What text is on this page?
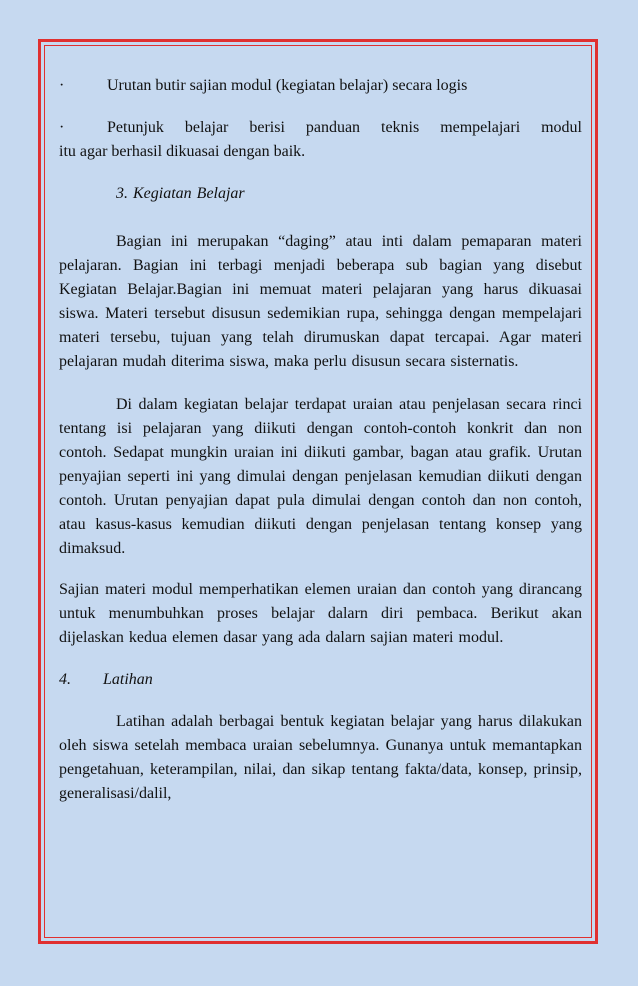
·	Urutan butir sajian modul (kegiatan belajar) secara logis
·	Petunjuk belajar berisi panduan teknis mempelajari modul
itu agar berhasil dikuasai dengan baik.

3. Kegiatan Belajar

Bagian ini merupakan “daging” atau inti dalam pemaparan materi pelajaran. Bagian ini terbagi menjadi beberapa sub bagian yang disebut Kegiatan Belajar.Bagian ini memuat materi pelajaran yang harus dikuasai siswa. Materi tersebut disusun sedemikian rupa, sehingga dengan mempelajari materi tersebu, tujuan yang telah dirumuskan dapat tercapai. Agar materi pelajaran mudah diterima siswa, maka perlu disusun secara sisternatis.

Di dalam kegiatan belajar terdapat uraian atau penjelasan secara rinci tentang isi pelajaran yang diikuti dengan contoh-contoh konkrit dan non contoh. Sedapat mungkin uraian ini diikuti gambar, bagan atau grafik. Urutan penyajian seperti ini yang dimulai dengan penjelasan kemudian diikuti dengan contoh. Urutan penyajian dapat pula dimulai dengan contoh dan non contoh, atau kasus-kasus kemudian diikuti dengan penjelasan tentang konsep yang dimaksud.

Sajian materi modul memperhatikan elemen uraian dan contoh yang dirancang untuk menumbuhkan proses belajar dalarn diri pembaca. Berikut akan dijelaskan kedua elemen dasar yang ada dalarn sajian materi modul.

4. Latihan

Latihan adalah berbagai bentuk kegiatan belajar yang harus dilakukan oleh siswa setelah membaca uraian sebelumnya. Gunanya untuk memantapkan pengetahuan, keterampilan, nilai, dan sikap tentang fakta/data, konsep, prinsip, generalisasi/dalil,
